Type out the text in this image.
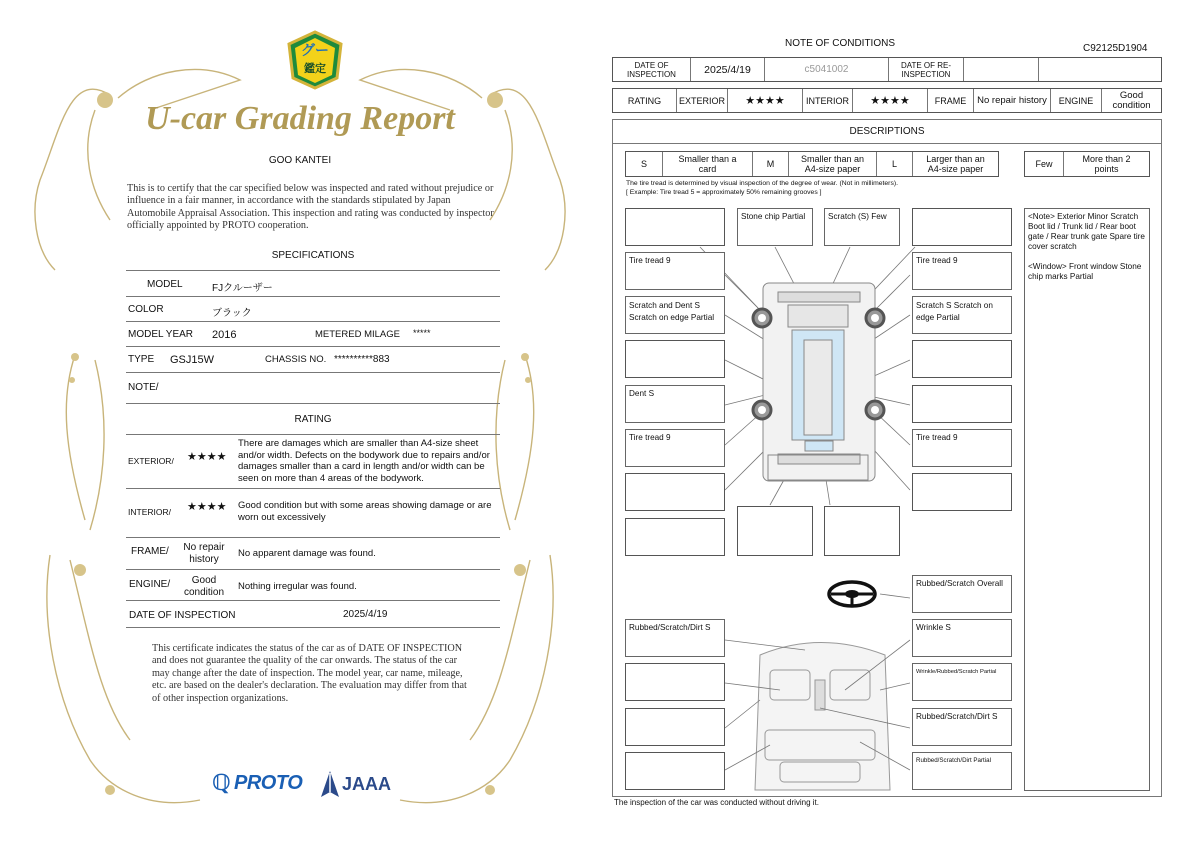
グー
鑑定
U-car Grading Report
GOO KANTEI
This is to certify that the car specified below was inspected and rated without prejudice or influence in a fair manner, in accordance with the standards stipulated by Japan Automobile Appraisal Association. This inspection and rating was conducted by inspector officially appointed by PROTO cooperation.
SPECIFICATIONS
MODEL	FJクルーザー
COLOR	ブラック
MODEL YEAR 2016	METERED MILAGE *****
TYPE GSJ15W	CHASSIS NO. **********883
NOTE/
RATING
EXTERIOR/ ★★★★
There are damages which are smaller than A4-size sheet and/or width. Defects on the bodywork due to repairs and/or damages smaller than a card in length and/or width can be seen on more than 4 areas of the bodywork.
INTERIOR/ ★★★★ Good condition but with some areas showing damage or are worn out excessively
FRAME/	No repair history
No apparent damage was found.
ENGINE/	Good condition
Nothing irregular was found.
DATE OF INSPECTION	2025/4/19
This certificate indicates the status of the car as of DATE OF INSPECTION and does not guarantee the quality of the car onwards. The status of the car may change after the date of inspection. The model year, car name, mileage, etc. are based on the dealer's declaration. The evaluation may differ from that of other inspection organizations.
ℚ PROTO JAAA
NOTE OF CONDITIONS	C92125D1904
DATE OF INSPECTION	2025/4/19	c5041002	DATE OF RE-INSPECTION
RATING	EXTERIOR	★★★★	INTERIOR	★★★★	FRAME	No repair history	ENGINE	Good condition
DESCRIPTIONS
S	Smaller than a card	M	Smaller than an A4-size paper	L	Larger than an A4-size paper	Few	More than 2 points
The tire tread is determined by visual inspection of the degree of wear. (Not in millimeters).
[ Example: Tire tread 5 = approximately 50% remaining grooves ]
Stone chip Partial	Scratch (S) Few
Tire tread 9	Tire tread 9
Scratch and Dent S Scratch on edge Partial
Scratch S Scratch on edge Partial
Dent S
Tire tread 9	Tire tread 9
Rubbed/Scratch Overall
Rubbed/Scratch/Dirt S	Wrinkle S
Wrinkle/Rubbed/Scratch Partial
Rubbed/Scratch/Dirt S
Rubbed/Scratch/Dirt Partial
<Note> Exterior Minor Scratch Boot lid / Trunk lid / Rear boot gate / Rear trunk gate Spare tire cover scratch
<Window> Front window Stone chip marks Partial
The inspection of the car was conducted without driving it.
